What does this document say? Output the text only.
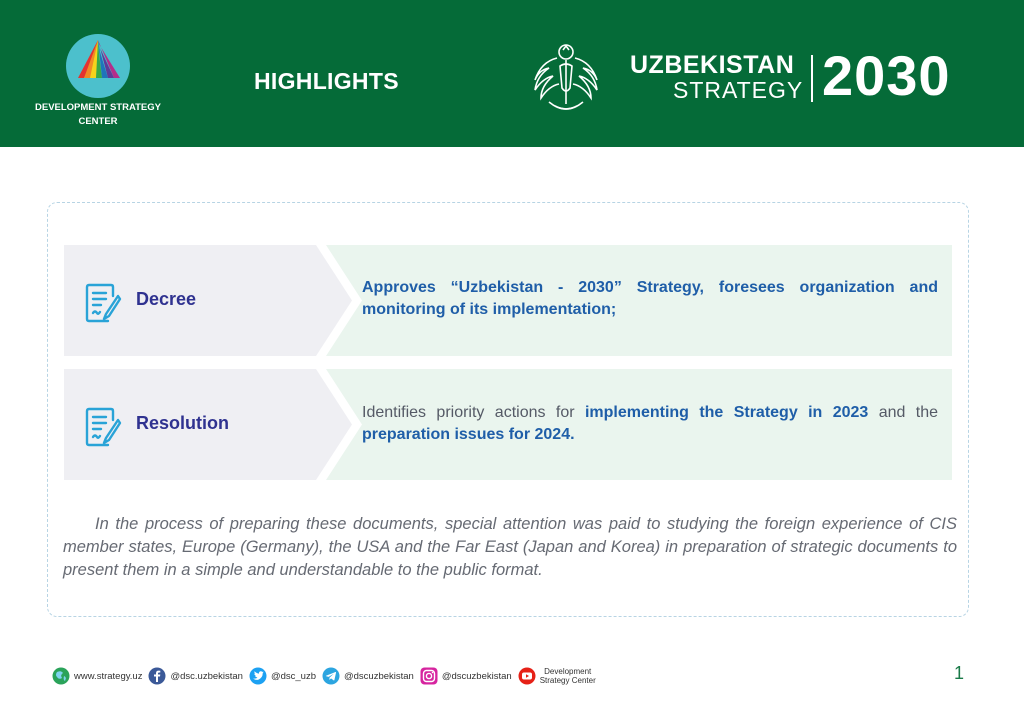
DEVELOPMENT STRATEGY
CENTER
HIGHLIGHTS
UZBEKISTAN
STRATEGY 2030
Decree
Approves “Uzbekistan - 2030” Strategy, foresees organization and monitoring of its implementation;
Resolution
Identifies priority actions for implementing the Strategy in 2023 and the preparation issues for 2024.
In the process of preparing these documents, special attention was paid to studying the foreign experience of CIS member states, Europe (Germany), the USA and the Far East (Japan and Korea) in preparation of strategic documents to present them in a simple and understandable to the public format.
www.strategy.uz	@dsc.uzbekistan	@dsc_uzb	@dscuzbekistan	@dscuzbekistan	Development
Strategy Center	1
